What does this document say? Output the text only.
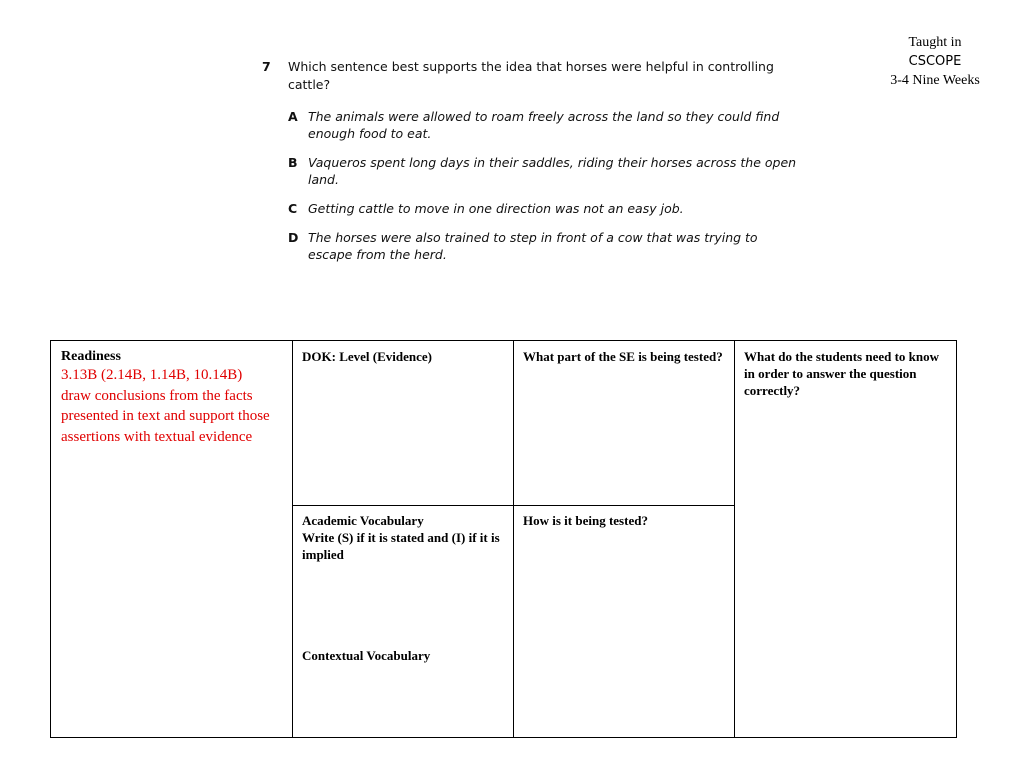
Taught in
CSCOPE
3-4 Nine Weeks
7	Which sentence best supports the idea that horses were helpful in controlling cattle?
A The animals were allowed to roam freely across the land so they could find enough food to eat.
B Vaqueros spent long days in their saddles, riding their horses across the open land.
C Getting cattle to move in one direction was not an easy job.
D The horses were also trained to step in front of a cow that was trying to escape from the herd.
Readiness
3.13B (2.14B, 1.14B, 10.14B)
draw conclusions from the facts presented in text and support those assertions with textual evidence
DOK: Level (Evidence)	What part of the SE is being tested? What do the students need to know in order to answer the question correctly?
Academic Vocabulary
Write (S) if it is stated and (I) if it is implied
Contextual Vocabulary
How is it being tested?
